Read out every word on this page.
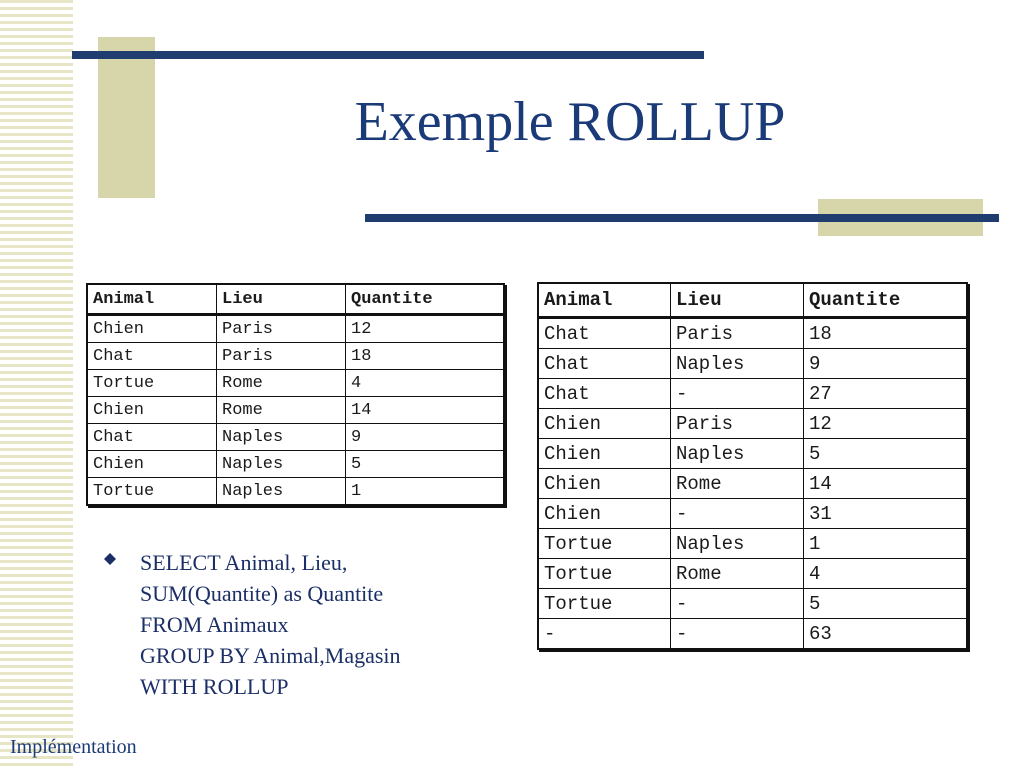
Exemple ROLLUP
Animal	Lieu	Quantite
Chien	Paris	12
Chat	Paris	18
Tortue	Rome	4
Chien	Rome	14
Chat	Naples	9
Chien	Naples	5
Tortue	Naples	1
Animal	Lieu	Quantite
Chat	Paris	18
Chat	Naples	9
Chat	-	27
Chien	Paris	12
Chien	Naples	5
Chien	Rome	14
Chien	-	31
Tortue	Naples	1
Tortue	Rome	4
Tortue	-	5
-	-	63
SELECT Animal, Lieu,
SUM(Quantite) as Quantite
FROM Animaux
GROUP BY Animal,Magasin
WITH ROLLUP
Implémentation
